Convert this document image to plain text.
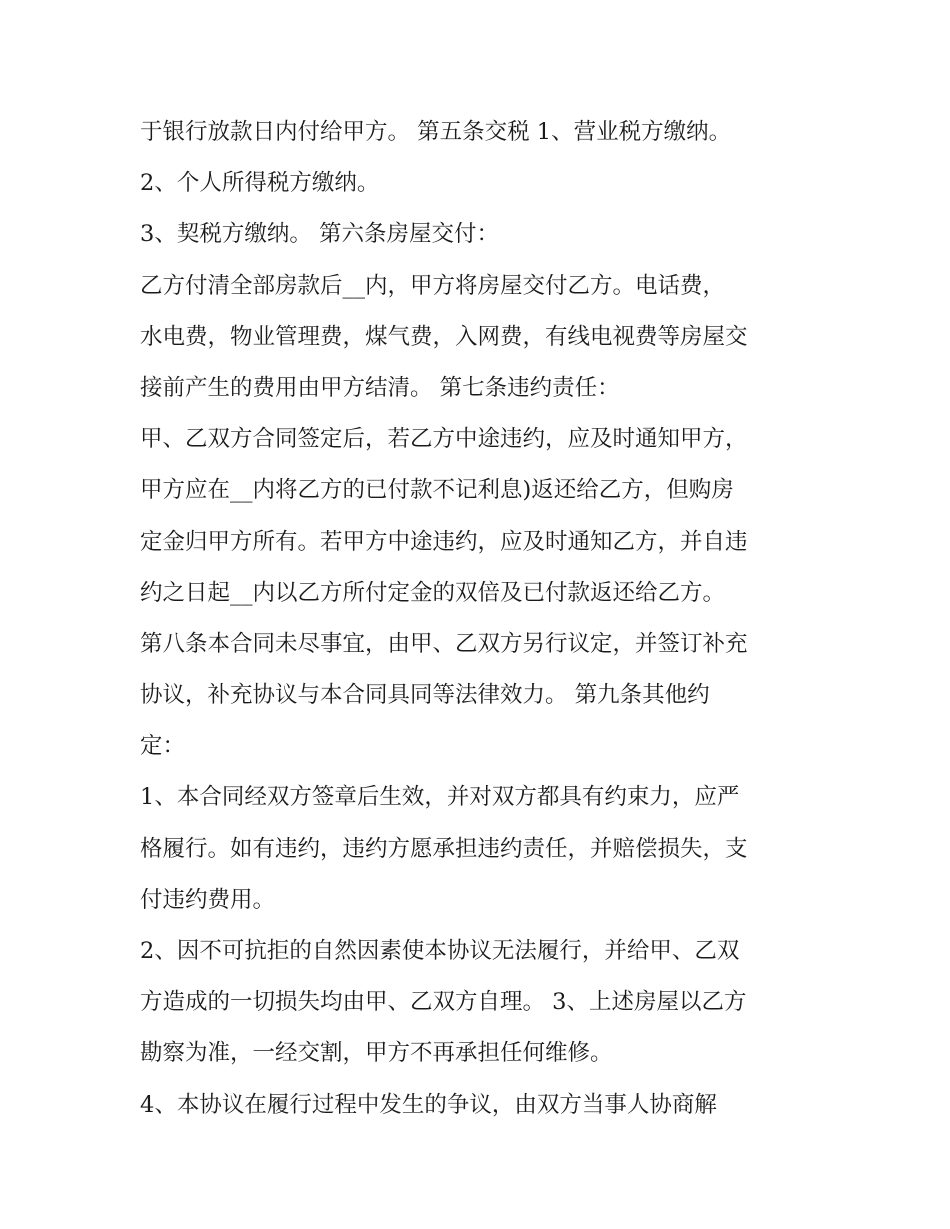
于银行放款日内付给甲方。 第五条交税 1、营业税方缴纳。
2、个人所得税方缴纳。
3、契税方缴纳。 第六条房屋交付：
乙方付清全部房款后__内，甲方将房屋交付乙方。电话费，
水电费，物业管理费，煤气费，入网费，有线电视费等房屋交
接前产生的费用由甲方结清。 第七条违约责任：
甲、乙双方合同签定后，若乙方中途违约，应及时通知甲方，
甲方应在__内将乙方的已付款不记利息)返还给乙方，但购房
定金归甲方所有。若甲方中途违约，应及时通知乙方，并自违
约之日起__内以乙方所付定金的双倍及已付款返还给乙方。
第八条本合同未尽事宜，由甲、乙双方另行议定，并签订补充
协议，补充协议与本合同具同等法律效力。 第九条其他约
定：
1、本合同经双方签章后生效，并对双方都具有约束力，应严
格履行。如有违约，违约方愿承担违约责任，并赔偿损失，支
付违约费用。
2、因不可抗拒的自然因素使本协议无法履行，并给甲、乙双
方造成的一切损失均由甲、乙双方自理。 3、上述房屋以乙方
勘察为准，一经交割，甲方不再承担任何维修。
4、本协议在履行过程中发生的争议，由双方当事人协商解
